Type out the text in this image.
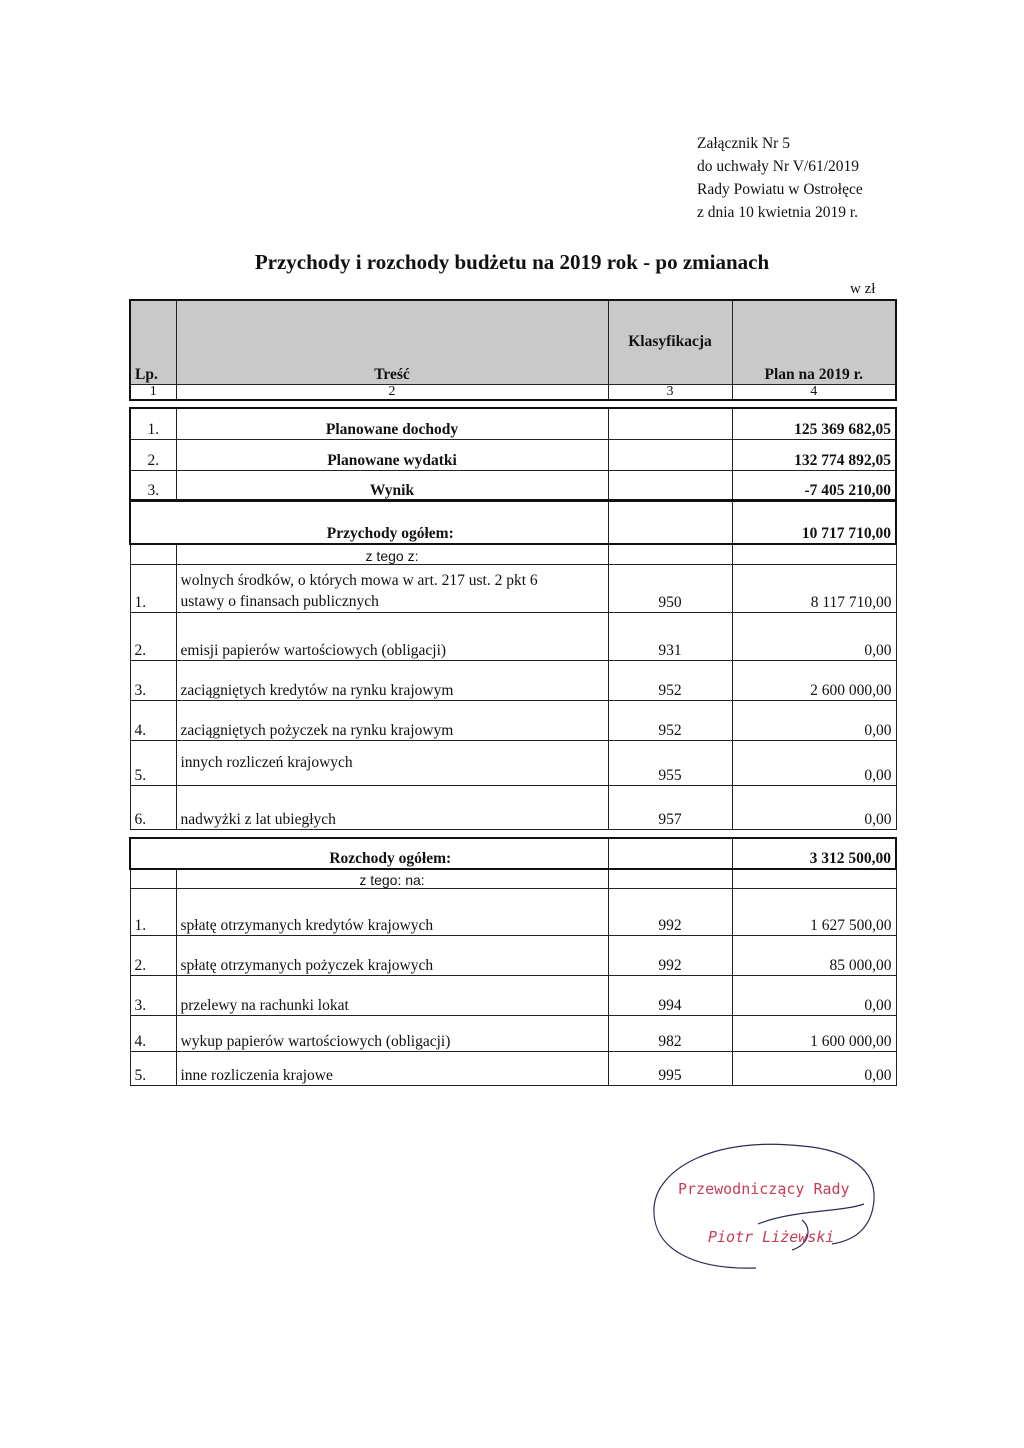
Załącznik Nr 5
do uchwały Nr V/61/2019
Rady Powiatu w Ostrołęce
z dnia 10 kwietnia 2019 r.
Przychody i rozchody budżetu na 2019 rok - po zmianach
w zł
Lp.	Treść	Klasyfikacja	Plan na 2019 r.
1	2	3	4
1.	Planowane dochody		125 369 682,05
2.	Planowane wydatki		132 774 892,05
3.	Wynik		-7 405 210,00
Przychody ogółem:			10 717 710,00
	z tego z:		
1.	wolnych środków, o których mowa w art. 217 ust. 2 pkt 6
ustawy o finansach publicznych	950	8 117 710,00
2.	emisji papierów wartościowych (obligacji)	931	0,00
3.	zaciągniętych kredytów na rynku krajowym	952	2 600 000,00
4.	zaciągniętych pożyczek na rynku krajowym	952	0,00
5.	innych rozliczeń krajowych	955	0,00
6.	nadwyżki z lat ubiegłych	957	0,00
Rozchody ogółem:			3 312 500,00
	z tego: na:		
1.	spłatę otrzymanych kredytów krajowych	992	1 627 500,00
2.	spłatę otrzymanych pożyczek krajowych	992	85 000,00
3.	przelewy na rachunki lokat	994	0,00
4.	wykup papierów wartościowych (obligacji)	982	1 600 000,00
5.	inne rozliczenia krajowe	995	0,00
Przewodniczący Rady
Piotr Liżewski
